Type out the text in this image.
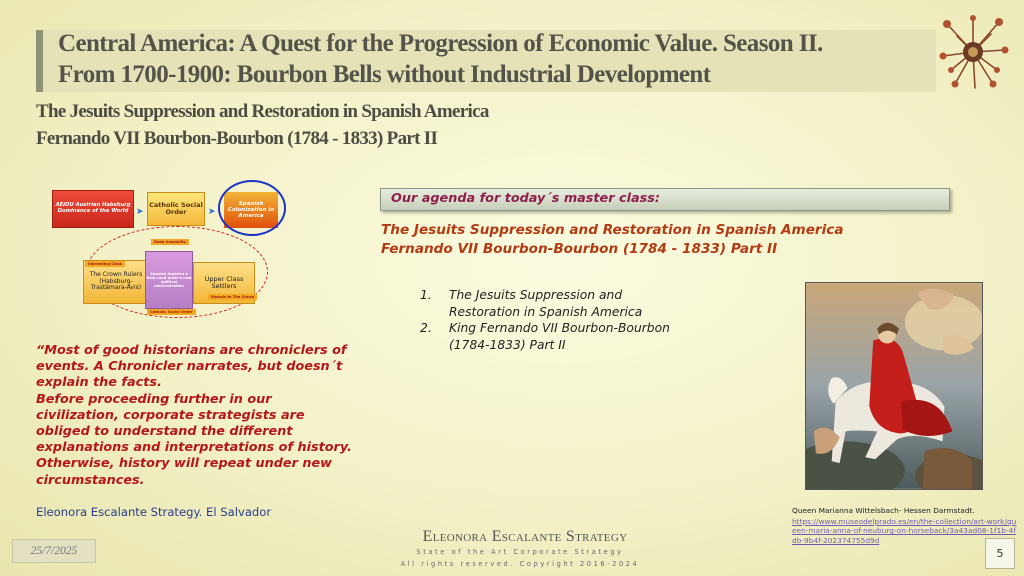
Central America: A Quest for the Progression of Economic Value. Season II.
From 1700-1900: Bourbon Bells without Industrial Development
The Jesuits Suppression and Restoration in Spanish America
Fernando VII Bourbon-Bourbon (1784 - 1833) Part II
AEIOU Austrian Habsburg Dominance of the World ➤
Catholic Social Order	➤
Spanish Colonization in America
Deep Inequality
The Crown Rulers (Habsburg-Trastámara-Avis)
Inbreeding Class
Spanish America a New Land order's new political administration
Upper Class Settlers
Vassals to The Crown
Catholic Social Order
“Most of good historians are chroniclers of
events. A Chronicler narrates, but doesn´t
explain the facts.
Before proceeding further in our
civilization, corporate strategists are
obliged to understand the different
explanations and interpretations of history.
Otherwise, history will repeat under new
circumstances.
Eleonora Escalante Strategy. El Salvador
Our agenda for today´s master class:
The Jesuits Suppression and Restoration in Spanish America
Fernando VII Bourbon-Bourbon (1784 - 1833) Part II
1. The Jesuits Suppression and
Restoration in Spanish America
2. King Fernando VII Bourbon-Bourbon
(1784-1833) Part II
Queen Marianna Wittelsbach- Hessen Darmstadt.
https://www.museodelprado.es/en/the-collection/art-work/queen-maria-anna-of-neuburg-on-horseback/3a43ad08-1f1b-4fdb-9b4f-202374755d9d
Eleonora Escalante Strategy
State of the Art Corporate Strategy
All rights reserved. Copyright 2016-2024
25/7/2025	5
